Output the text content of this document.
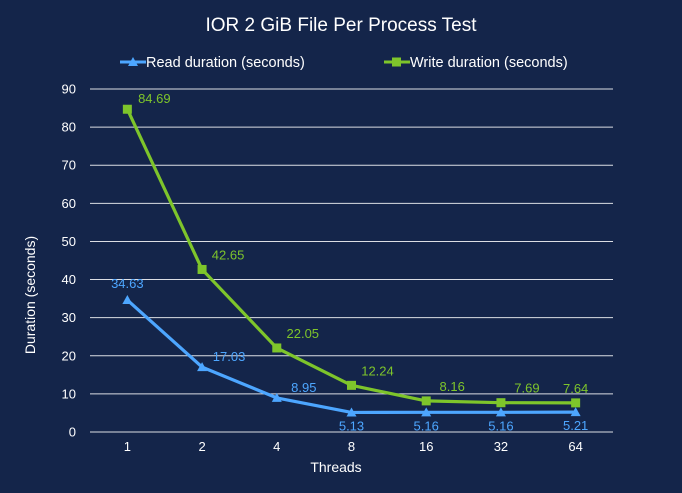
IOR 2 GiB File Per Process Test
Read duration (seconds)	Write duration (seconds)
0
10
20
30
40
50
60
70
80
90
1	2	4	8	16	32	64
34.63
17.03
8.95
5.13	5.16	5.16	5.21
84.69
42.65
22.05
12.24
8.16	7.69 7.64
Threads
Duration (seconds)
